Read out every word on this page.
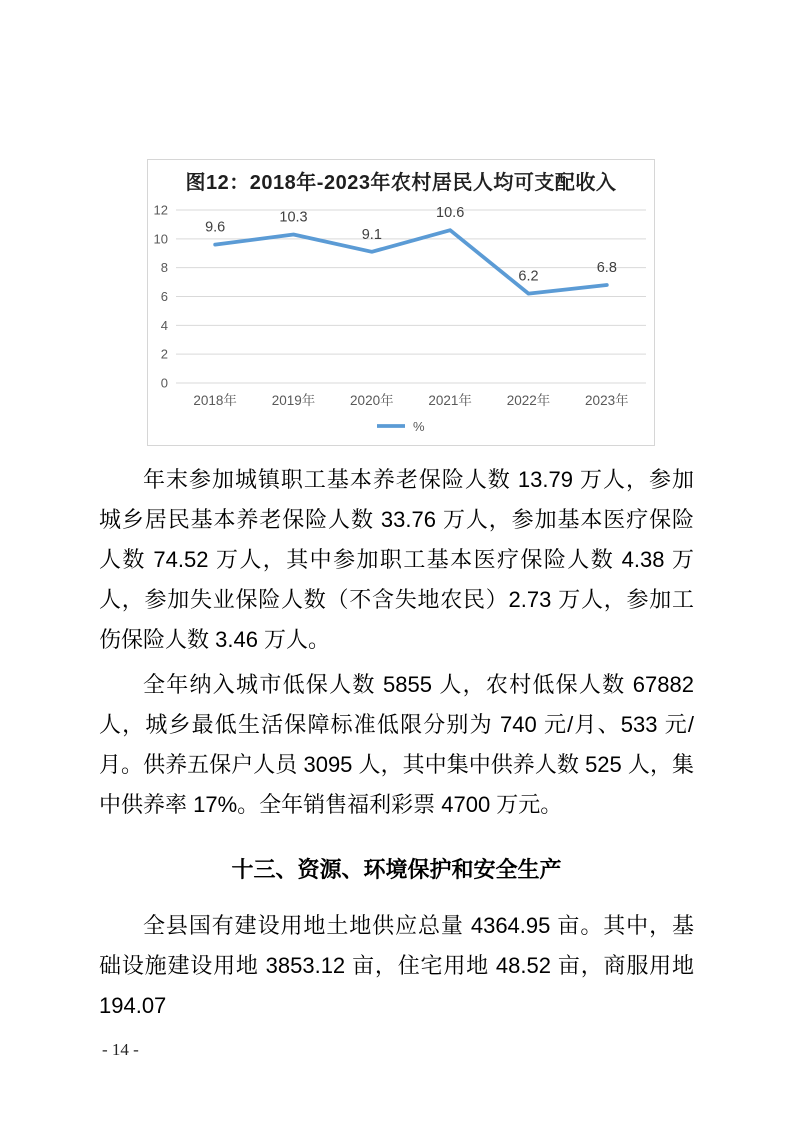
图12：2018年-2023年农村居民人均可支配收入
0
2
4
6
8
10
12
2018年	2019年	2020年	2021年	2022年	2023年
9.6
10.3
9.1
10.6
6.2
6.8
%

年末参加城镇职工基本养老保险人数 13.79 万人，参加城乡居民基本养老保险人数 33.76 万人，参加基本医疗保险人数 74.52 万人，其中参加职工基本医疗保险人数 4.38 万人，参加失业保险人数（不含失地农民）2.73 万人，参加工伤保险人数 3.46 万人。

全年纳入城市低保人数 5855 人，农村低保人数 67882 人，城乡最低生活保障标准低限分别为 740 元/月、533 元/月。供养五保户人员 3095 人，其中集中供养人数 525 人，集中供养率 17%。全年销售福利彩票 4700 万元。

十三、资源、环境保护和安全生产

全县国有建设用地土地供应总量 4364.95 亩。其中，基础设施建设用地 3853.12 亩，住宅用地 48.52 亩，商服用地 194.07

- 14 -
